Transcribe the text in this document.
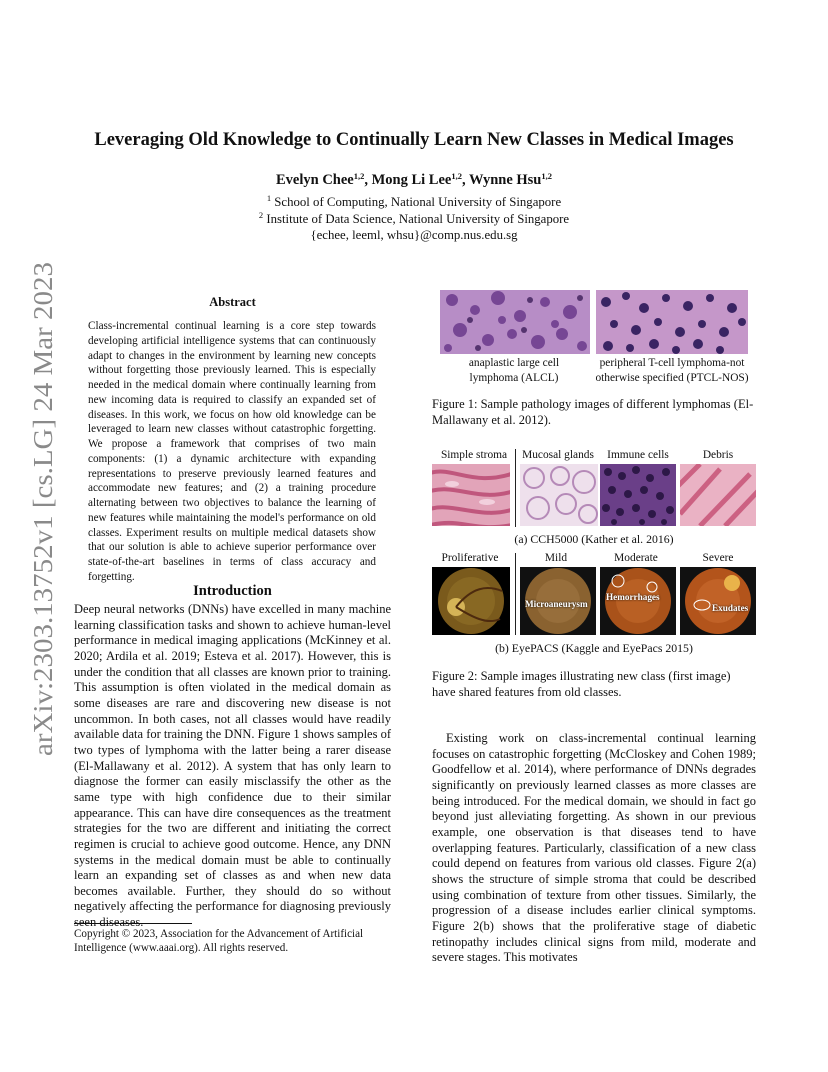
arXiv:2303.13752v1 [cs.LG] 24 Mar 2023
Leveraging Old Knowledge to Continually Learn New Classes in Medical Images
Evelyn Chee$^{1,2}$, Mong Li Lee$^{1,2}$, Wynne Hsu$^{1,2}$
$^1$ School of Computing, National University of Singapore
$^2$ Institute of Data Science, National University of Singapore
{echee, leeml, whsu}@comp.nus.edu.sg
Abstract
Class-incremental continual learning is a core step towards developing artificial intelligence systems that can continuously adapt to changes in the environment by learning new concepts without forgetting those previously learned. This is especially needed in the medical domain where continually learning from new incoming data is required to classify an expanded set of diseases. In this work, we focus on how old knowledge can be leveraged to learn new classes without catastrophic forgetting. We propose a framework that comprises of two main components: (1) a dynamic architecture with expanding representations to preserve previously learned features and accommodate new features; and (2) a training procedure alternating between two objectives to balance the learning of new features while maintaining the model's performance on old classes. Experiment results on multiple medical datasets show that our solution is able to achieve superior performance over state-of-the-art baselines in terms of class accuracy and forgetting.
Introduction
Deep neural networks (DNNs) have excelled in many machine learning classification tasks and shown to achieve human-level performance in medical imaging applications (McKinney et al. 2020; Ardila et al. 2019; Esteva et al. 2017). However, this is under the condition that all classes are known prior to training. This assumption is often violated in the medical domain as some diseases are rare and discovering new disease is not uncommon. In both cases, not all classes would have readily available data for training the DNN. Figure 1 shows samples of two types of lymphoma with the latter being a rarer disease (El-Mallawany et al. 2012). A system that has only learn to diagnose the former can easily misclassify the other as the same type with high confidence due to their similar appearance. This can have dire consequences as the treatment strategies for the two are different and initiating the correct regimen is crucial to achieve good outcome. Hence, any DNN systems in the medical domain must be able to continually learn an expanding set of classes as and when new data becomes available. Further, they should do so without negatively affecting the performance for diagnosing previously seen diseases.
Copyright © 2023, Association for the Advancement of Artificial Intelligence (www.aaai.org). All rights reserved.
anaplastic large cell lymphoma (ALCL)
peripheral T-cell lymphoma-not otherwise specified (PTCL-NOS)
Figure 1: Sample pathology images of different lymphomas (El-Mallawany et al. 2012).
Simple stroma	Mucosal glands	Immune cells	Debris
(a) CCH5000 (Kather et al. 2016)
Proliferative	Mild	Moderate	Severe
Microaneurysm
Hemorrhages
Exudates
(b) EyePACS (Kaggle and EyePacs 2015)
Figure 2: Sample images illustrating new class (first image) have shared features from old classes.
Existing work on class-incremental continual learning focuses on catastrophic forgetting (McCloskey and Cohen 1989; Goodfellow et al. 2014), where performance of DNNs degrades significantly on previously learned classes as more classes are being introduced. For the medical domain, we should in fact go beyond just alleviating forgetting. As shown in our previous example, one observation is that diseases tend to have overlapping features. Particularly, classification of a new class could depend on features from various old classes. Figure 2(a) shows the structure of simple stroma that could be described using combination of texture from other tissues. Similarly, the progression of a disease includes earlier clinical symptoms. Figure 2(b) shows that the proliferative stage of diabetic retinopathy includes clinical signs from mild, moderate and severe stages. This motivates
